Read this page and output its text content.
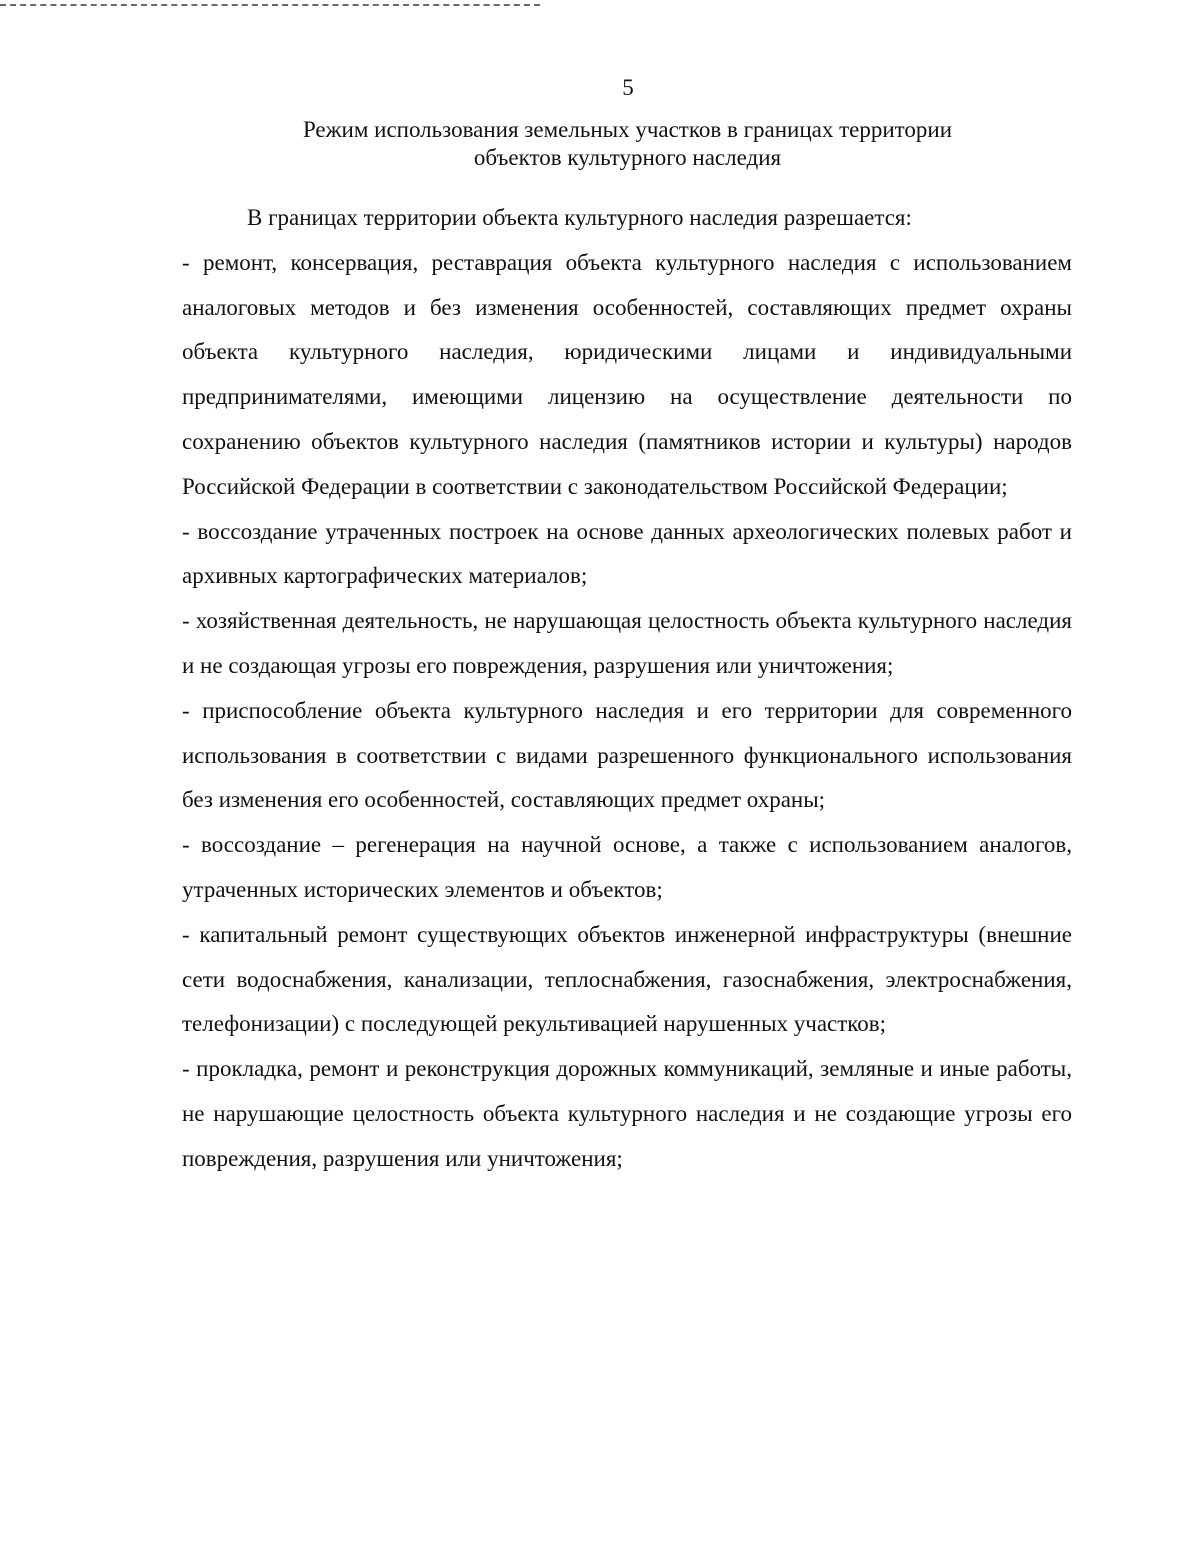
5
Режим использования земельных участков в границах территории
объектов культурного наследия

В границах территории объекта культурного наследия разрешается:

- ремонт, консервация, реставрация объекта культурного наследия с использованием аналоговых методов и без изменения особенностей, составляющих предмет охраны объекта культурного наследия, юридическими лицами и индивидуальными предпринимателями, имеющими лицензию на осуществление деятельности по сохранению объектов культурного наследия (памятников истории и культуры) народов Российской Федерации в соответствии с законодательством Российской Федерации;

- воссоздание утраченных построек на основе данных археологических полевых работ и архивных картографических материалов;

- хозяйственная деятельность, не нарушающая целостность объекта культурного наследия и не создающая угрозы его повреждения, разрушения или уничтожения;

- приспособление объекта культурного наследия и его территории для современного использования в соответствии с видами разрешенного функционального использования без изменения его особенностей, составляющих предмет охраны;

- воссоздание – регенерация на научной основе, а также с использованием аналогов, утраченных исторических элементов и объектов;

- капитальный ремонт существующих объектов инженерной инфраструктуры (внешние сети водоснабжения, канализации, теплоснабжения, газоснабжения, электроснабжения, телефонизации) с последующей рекультивацией нарушенных участков;

- прокладка, ремонт и реконструкция дорожных коммуникаций, земляные и иные работы, не нарушающие целостность объекта культурного наследия и не создающие угрозы его повреждения, разрушения или уничтожения;
